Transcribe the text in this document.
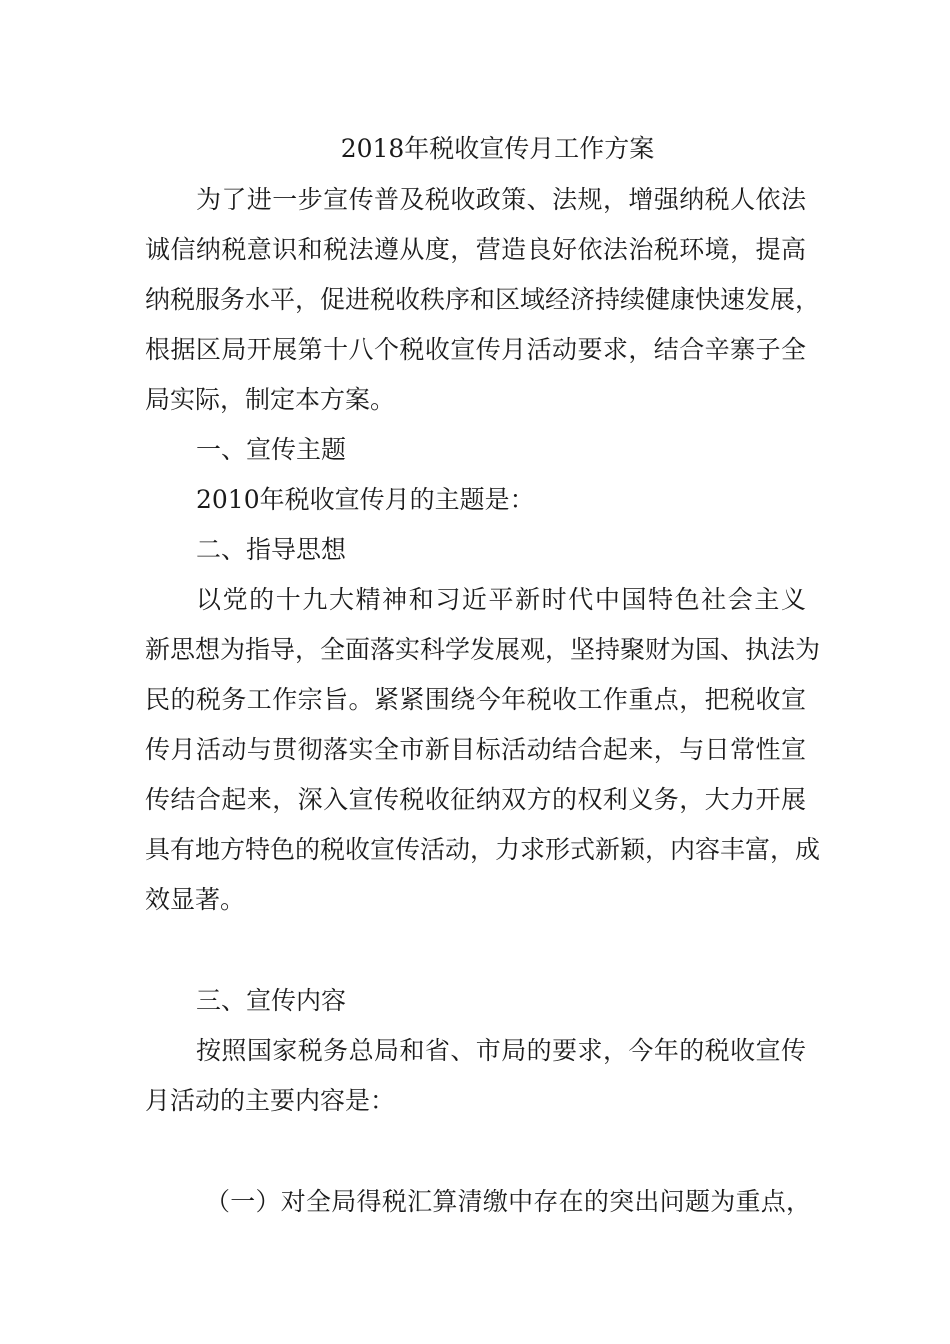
2018年税收宣传月工作方案

为了进一步宣传普及税收政策、法规，增强纳税人依法

诚信纳税意识和税法遵从度，营造良好依法治税环境，提高

纳税服务水平，促进税收秩序和区域经济持续健康快速发展，

根据区局开展第十八个税收宣传月活动要求，结合辛寨子全

局实际，制定本方案。

一、宣传主题

2010年税收宣传月的主题是：

二、指导思想

以党的十九大精神和习近平新时代中国特色社会主义

新思想为指导，全面落实科学发展观，坚持聚财为国、执法为

民的税务工作宗旨。紧紧围绕今年税收工作重点，把税收宣

传月活动与贯彻落实全市新目标活动结合起来，与日常性宣

传结合起来，深入宣传税收征纳双方的权利义务，大力开展

具有地方特色的税收宣传活动，力求形式新颖，内容丰富，成

效显著。

三、宣传内容

按照国家税务总局和省、市局的要求，今年的税收宣传

月活动的主要内容是：

（一）对全局得税汇算清缴中存在的突出问题为重点，
